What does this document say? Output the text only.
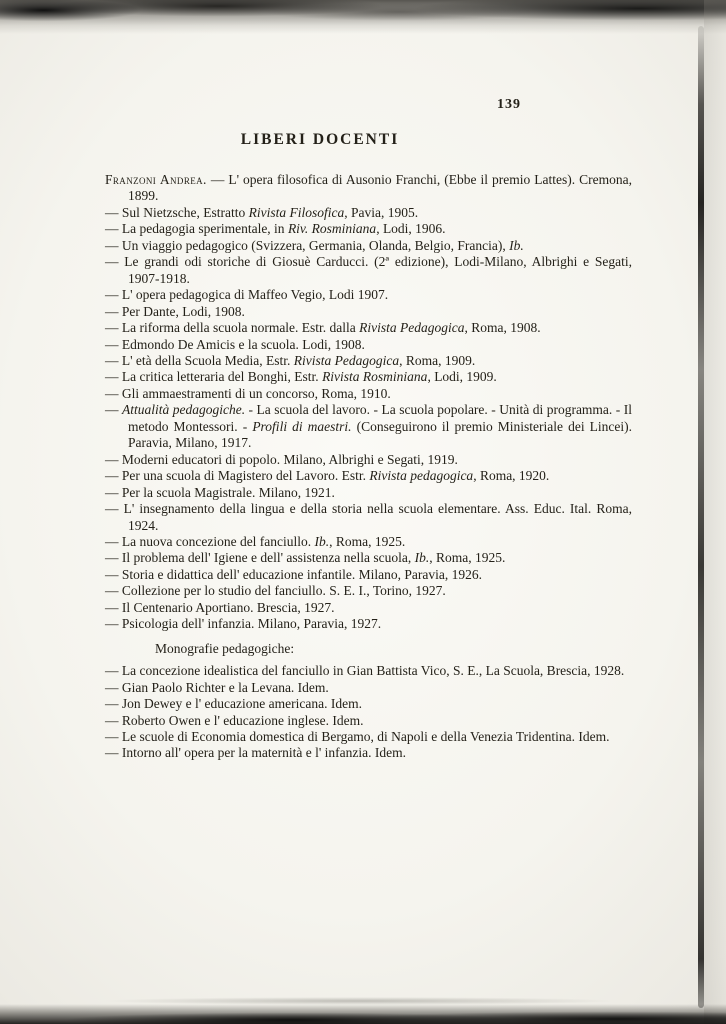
139
LIBERI DOCENTI

Franzoni Andrea. — L' opera filosofica di Ausonio Franchi, (Ebbe il premio Lattes). Cremona, 1899.

— Sul Nietzsche, Estratto Rivista Filosofica, Pavia, 1905.

— La pedagogia sperimentale, in Riv. Rosminiana, Lodi, 1906.

— Un viaggio pedagogico (Svizzera, Germania, Olanda, Belgio, Francia), Ib.

— Le grandi odi storiche di Giosuè Carducci. (2ª edizione), Lodi-Milano, Albrighi e Segati, 1907-1918.

— L' opera pedagogica di Maffeo Vegio, Lodi 1907.

— Per Dante, Lodi, 1908.

— La riforma della scuola normale. Estr. dalla Rivista Pedagogica, Roma, 1908.

— Edmondo De Amicis e la scuola. Lodi, 1908.

— L' età della Scuola Media, Estr. Rivista Pedagogica, Roma, 1909.

— La critica letteraria del Bonghi, Estr. Rivista Rosminiana, Lodi, 1909.

— Gli ammaestramenti di un concorso, Roma, 1910.

— Attualità pedagogiche. - La scuola del lavoro. - La scuola popolare. - Unità di programma. - Il metodo Montessori. - Profili di maestri. (Conseguirono il premio Ministeriale dei Lincei). Paravia, Milano, 1917.

— Moderni educatori di popolo. Milano, Albrighi e Segati, 1919.

— Per una scuola di Magistero del Lavoro. Estr. Rivista pedagogica, Roma, 1920.

— Per la scuola Magistrale. Milano, 1921.

— L' insegnamento della lingua e della storia nella scuola elementare. Ass. Educ. Ital. Roma, 1924.

— La nuova concezione del fanciullo. Ib., Roma, 1925.

— Il problema dell' Igiene e dell' assistenza nella scuola, Ib., Roma, 1925.

— Storia e didattica dell' educazione infantile. Milano, Paravia, 1926.

— Collezione per lo studio del fanciullo. S. E. I., Torino, 1927.

— Il Centenario Aportiano. Brescia, 1927.

— Psicologia dell' infanzia. Milano, Paravia, 1927.

Monografie pedagogiche:

— La concezione idealistica del fanciullo in Gian Battista Vico, S. E., La Scuola, Brescia, 1928.

— Gian Paolo Richter e la Levana. Idem.

— Jon Dewey e l' educazione americana. Idem.

— Roberto Owen e l' educazione inglese. Idem.

— Le scuole di Economia domestica di Bergamo, di Napoli e della Venezia Tridentina. Idem.

— Intorno all' opera per la maternità e l' infanzia. Idem.
